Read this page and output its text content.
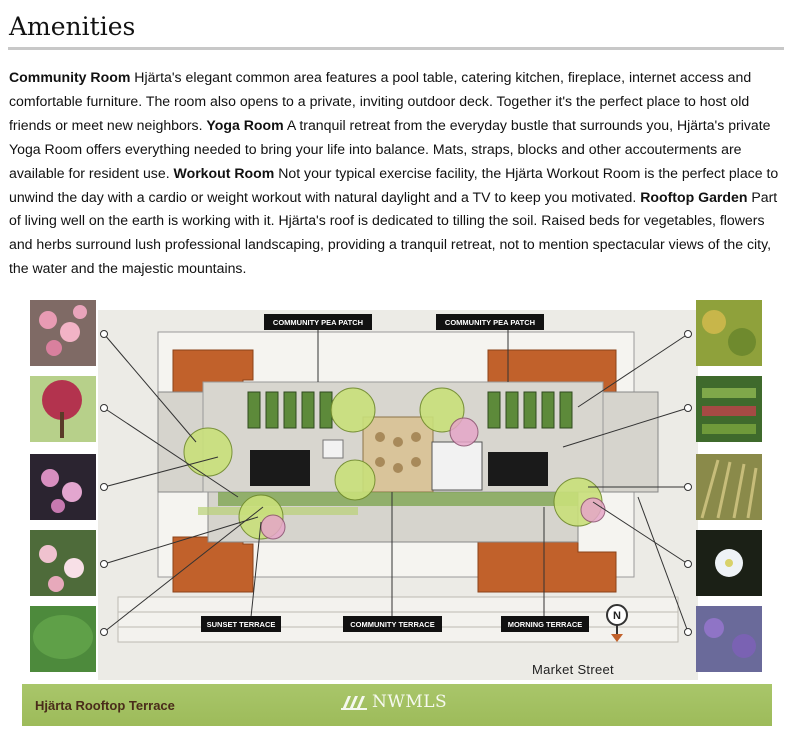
Amenities
Community Room Hjärta's elegant common area features a pool table, catering kitchen, fireplace, internet access and comfortable furniture. The room also opens to a private, inviting outdoor deck. Together it's the perfect place to host old friends or meet new neighbors. Yoga Room A tranquil retreat from the everyday bustle that surrounds you, Hjärta's private Yoga Room offers everything needed to bring your life into balance. Mats, straps, blocks and other accouterments are available for resident use. Workout Room Not your typical exercise facility, the Hjärta Workout Room is the perfect place to unwind the day with a cardio or weight workout with natural daylight and a TV to keep you motivated. Rooftop Garden Part of living well on the earth is working with it. Hjärta's roof is dedicated to tilling the soil. Raised beds for vegetables, flowers and herbs surround lush professional landscaping, providing a tranquil retreat, not to mention spectacular views of the city, the water and the majestic mountains.
COMMUNITY PEA PATCH	COMMUNITY PEA PATCH
SUNSET TERRACE	COMMUNITY TERRACE	MORNING TERRACE
N
Market Street
Hjärta Rooftop Terrace	NWMLS
